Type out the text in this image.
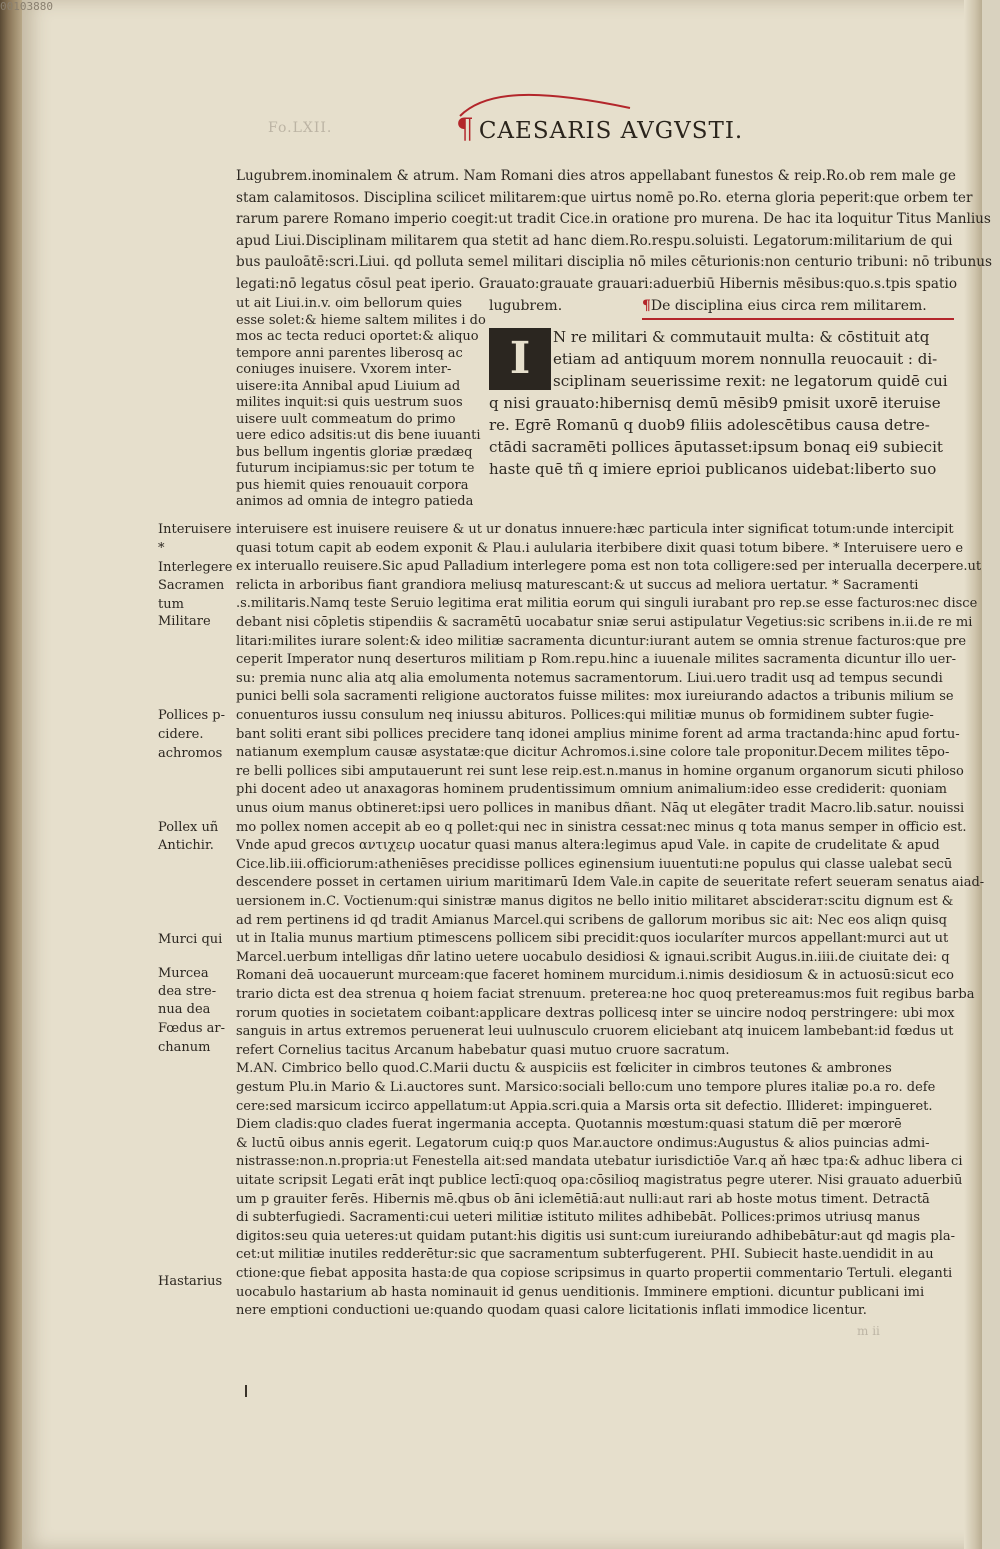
00103880
Fo.LXII.	¶ CAESARIS AVGVSTI.
Lugubrem.inominalem & atrum. Nam Romani dies atros appellabant funestos & reip.Ro.ob rem male ge
stam calamitosos. Disciplina scilicet militarem:que uirtus nomē po.Ro. eterna gloria peperit:que orbem ter
rarum parere Romano imperio coegit:ut tradit Cice.in oratione pro murena. De hac ita loquitur Titus Manlius
apud Liui.Disciplinam militarem qua stetit ad hanc diem.Ro.respu.soluisti. Legatorum:militarium de qui
bus pauloātē:scri.Liui. qd polluta semel militari disciplia nō miles cēturionis:non centurio tribuni: nō tribunus
legati:nō legatus cōsul peat iperio. Grauato:grauate grauari:aduerbiū Hibernis mēsibus:quo.s.tpis spatio
ut ait Liui.in.v. oim bellorum quies
esse solet:& hieme saltem milites i do
mos ac tecta reduci oportet:& aliquo
tempore anni parentes liberosq ac
coniuges inuisere. Vxorem inter-
uisere:ita Annibal apud Liuium ad
milites inquit:si quis uestrum suos
uisere uult commeatum do primo
uere edico adsitis:ut dis bene iuuanti
bus bellum ingentis gloriæ prædæq
futurum incipiamus:sic per totum te
pus hiemit quies renouauit corpora
animos ad omnia de integro patieda
lugubrem.	¶De disciplina eius circa rem militarem.
I	N re militari & commutauit multa: & cōstituit atq
etiam ad antiquum morem nonnulla reuocauit : di-
sciplinam seuerissime rexit: ne legatorum quidē cui
q nisi grauato:hibernisq demū mēsib9 pmisit uxorē iteruise
re. Egrē Romanū q duob9 filiis adolescētibus causa detre-
ctādi sacramēti pollices āputasset:ipsum bonaq ei9 subiecit
haste quē tñ q imiere eprioi publicanos uidebat:liberto suo
interuisere est inuisere reuisere & ut ur donatus innuere:hæc particula inter significat totum:unde intercipit
quasi totum capit ab eodem exponit & Plau.i aulularia iterbibere dixit quasi totum bibere. * Interuisere uero e
ex interuallo reuisere.Sic apud Palladium interlegere poma est non tota colligere:sed per interualla decerpere.ut
relicta in arboribus fiant grandiora meliusq maturescant:& ut succus ad meliora uertatur. * Sacramenti
.s.militaris.Namq teste Seruio legitima erat militia eorum qui singuli iurabant pro rep.se esse facturos:nec disce
debant nisi cōpletis stipendiis & sacramētū uocabatur sniæ serui astipulatur Vegetius:sic scribens in.ii.de re mi
litari:milites iurare solent:& ideo militiæ sacramenta dicuntur:iurant autem se omnia strenue facturos:que pre
ceperit Imperator nunq deserturos militiam p Rom.repu.hinc a iuuenale milites sacramenta dicuntur illo uer-
su: premia nunc alia atq alia emolumenta notemus sacramentorum. Liui.uero tradit usq ad tempus secundi
punici belli sola sacramenti religione auctoratos fuisse milites: mox iureiurando adactos a tribunis milium se
conuenturos iussu consulum neq iniussu abituros. Pollices:qui militiæ munus ob formidinem subter fugie-
bant soliti erant sibi pollices precidere tanq idonei amplius minime forent ad arma tractanda:hinc apud fortu-
natianum exemplum causæ asystatæ:que dicitur Achromos.i.sine colore tale proponitur.Decem milites tēpo-
re belli pollices sibi amputauerunt rei sunt lese reip.est.n.manus in homine organum organorum sicuti philoso
phi docent adeo ut anaxagoras hominem prudentissimum omnium animalium:ideo esse crediderit: quoniam
unus oium manus obtineret:ipsi uero pollices in manibus dñant. Nāq ut elegāter tradit Macro.lib.satur. nouissi
mo pollex nomen accepit ab eo q pollet:qui nec in sinistra cessat:nec minus q tota manus semper in officio est.
Vnde apud grecos αντιχειρ uocatur quasi manus altera:legimus apud Vale. in capite de crudelitate & apud
Cice.lib.iii.officiorum:atheniēses precidisse pollices eginensium iuuentuti:ne populus qui classe ualebat secū
descendere posset in certamen uirium maritimarū Idem Vale.in capite de seueritate refert seueram senatus aiad-
uersionem in.C. Voctienum:qui sinistræ manus digitos ne bello initio militaret abscideraт:scitu dignum est &
ad rem pertinens id qd tradit Amianus Marcel.qui scribens de gallorum moribus sic ait: Nec eos aliqn quisq
ut in Italia munus martium ptimescens pollicem sibi precidit:quos iocularíter murcos appellant:murci aut ut
Marcel.uerbum intelligas dñr latino uetere uocabulo desidiosi & ignaui.scribit Augus.in.iiii.de ciuitate dei: q
Romani deā uocauerunt murceam:que faceret hominem murcidum.i.nimis desidiosum & in actuosū:sicut eco
trario dicta est dea strenua q hoiem faciat strenuum. preterea:ne hoc quoq pretereamus:mos fuit regibus barba
rorum quoties in societatem coibant:applicare dextras pollicesq inter se uincire nodoq perstringere: ubi mox
sanguis in artus extremos peruenerat leui uulnusculo cruorem eliciebant atq inuicem lambebant:id fœdus ut
refert Cornelius tacitus Arcanum habebatur quasi mutuo cruore sacratum.
M.AN. Cimbrico bello quod.C.Marii ductu & auspiciis est fœliciter in cimbros teutones & ambrones
gestum Plu.in Mario & Li.auctores sunt. Marsico:sociali bello:cum uno tempore plures italiæ po.a ro. defe
cere:sed marsicum iccirco appellatum:ut Appia.scri.quia a Marsis orta sit defectio. Illideret: impingueret.
Diem cladis:quo clades fuerat ingermania accepta. Quotannis mœstum:quasi statum diē per mœrorē
& luctū oibus annis egerit. Legatorum cuiq:p quos Mar.auctore ondimus:Augustus & alios puincias admi-
nistrasse:non.n.propria:ut Fenestella ait:sed mandata utebatur iurisdictiōe Var.q aň hæc tpa:& adhuc libera ci
uitate scripsit Legati erāt inqt publice lectī:quoq opa:cōsilioq magistratus pegre uterer. Nisi grauato aduerbiū
um p grauiter ferēs. Hibernis mē.qbus ob āni iclemētiā:aut nulli:aut rari ab hoste motus timent. Detractā
di subterfugiedi. Sacramenti:cui ueteri militiæ istituto milites adhibebāt. Pollices:primos utriusq manus
digitos:seu quia ueteres:ut quidam putant:his digitis usi sunt:cum iureiurando adhibebātur:aut qd magis pla-
cet:ut militiæ inutiles redderētur:sic que sacramentum subterfugerent. PHI. Subiecit haste.uendidit in au
ctione:que fiebat apposita hasta:de qua copiose scripsimus in quarto propertii commentario Tertuli. eleganti
uocabulo hastarium ab hasta nominauit id genus uenditionis. Imminere emptioni. dicuntur publicani imi
nere emptioni conductioni ue:quando quodam quasi calore licitationis inflati immodice licentur.
Interuisere
*
Interlegere
Sacramen
tum
Militare
Pollices p-
cidere.
achromos
Pollex uñ
Antichir.
Murci qui
Murcea
dea stre-
nua dea
Fœdus ar-
chanum
Hastarius
m ii
